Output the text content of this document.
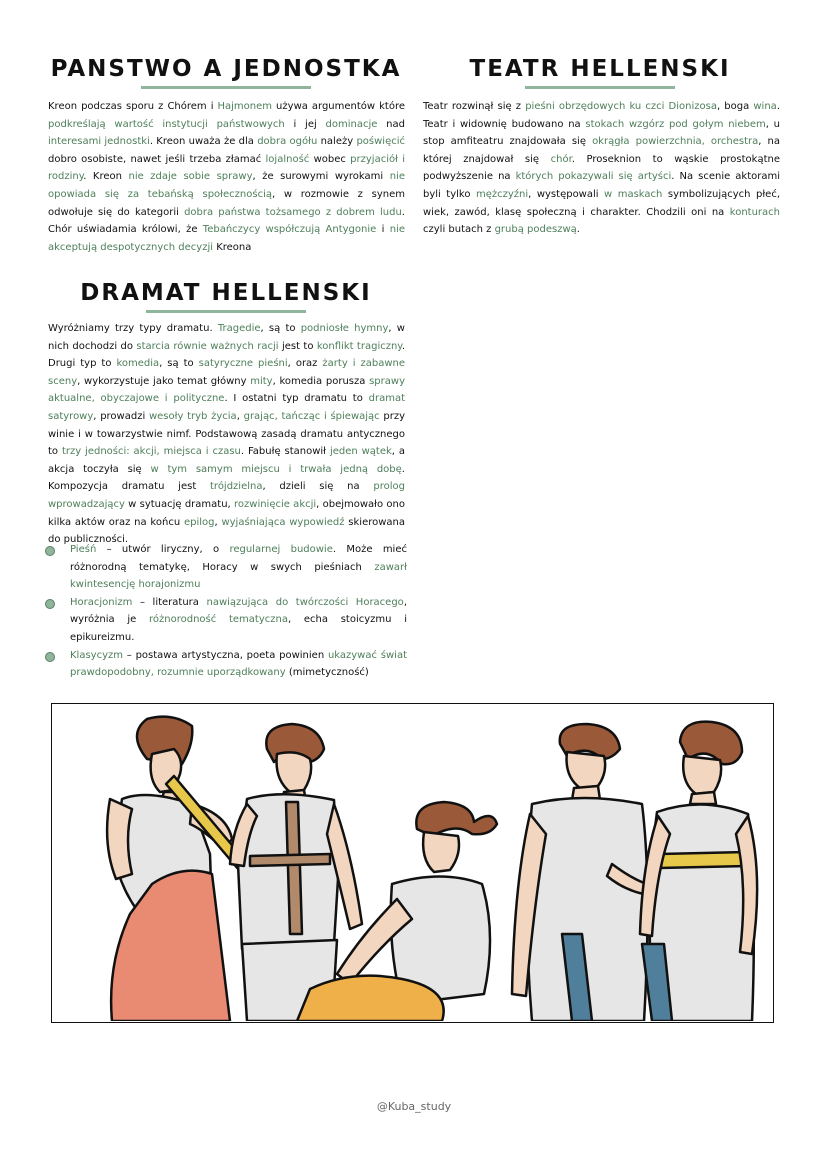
PANSTWO A JEDNOSTKA

Kreon podczas sporu z Chórem i Hajmonem używa argumentów które podkreślają wartość instytucji państwowych i jej dominacje nad interesami jednostki. Kreon uważa że dla dobra ogółu należy poświęcić dobro osobiste, nawet jeśli trzeba złamać lojalność wobec przyjaciół i rodziny. Kreon nie zdaje sobie sprawy, że surowymi wyrokami nie opowiada się za tebańską społecznością, w rozmowie z synem odwołuje się do kategorii dobra państwa tożsamego z dobrem ludu. Chór uświadamia królowi, że Tebańczycy współczują Antygonie i nie akceptują despotycznych decyzji Kreona

DRAMAT HELLENSKI

Wyróżniamy trzy typy dramatu. Tragedie, są to podniosłe hymny, w nich dochodzi do starcia równie ważnych racji jest to konflikt tragiczny. Drugi typ to komedia, są to satyryczne pieśni, oraz żarty i zabawne sceny, wykorzystuje jako temat główny mity, komedia porusza sprawy aktualne, obyczajowe i polityczne. I ostatni typ dramatu to dramat satyrowy, prowadzi wesoły tryb życia, grając, tańcząc i śpiewając przy winie i w towarzystwie nimf. Podstawową zasadą dramatu antycznego to trzy jedności: akcji, miejsca i czasu. Fabułę stanowił jeden wątek, a akcja toczyła się w tym samym miejscu i trwała jedną dobę. Kompozycja dramatu jest trójdzielna, dzieli się na prolog wprowadzający w sytuację dramatu, rozwinięcie akcji, obejmowało ono kilka aktów oraz na końcu epilog, wyjaśniająca wypowiedź skierowana do publiczności.

Pieśń – utwór liryczny, o regularnej budowie. Może mieć różnorodną tematykę, Horacy w swych pieśniach zawarł kwintesencję horajonizmu
Horacjonizm – literatura nawiązująca do twórczości Horacego, wyróżnia je różnorodność tematyczna, echa stoicyzmu i epikureizmu.
Klasycyzm – postawa artystyczna, poeta powinien ukazywać świat prawdopodobny, rozumnie uporządkowany (mimetyczność)
TEATR HELLENSKI

Teatr rozwinął się z pieśni obrzędowych ku czci Dionizosa, boga wina. Teatr i widownię budowano na stokach wzgórz pod gołym niebem, u stop amfiteatru znajdowała się okrągła powierzchnia, orchestra, na której znajdował się chór. Proseknion to wąskie prostokątne podwyższenie na których pokazywali się artyści. Na scenie aktorami byli tylko mężczyźni, występowali w maskach symbolizujących płeć, wiek, zawód, klasę społeczną i charakter. Chodzili oni na konturach czyli butach z grubą podeszwą.

@Kuba_study
